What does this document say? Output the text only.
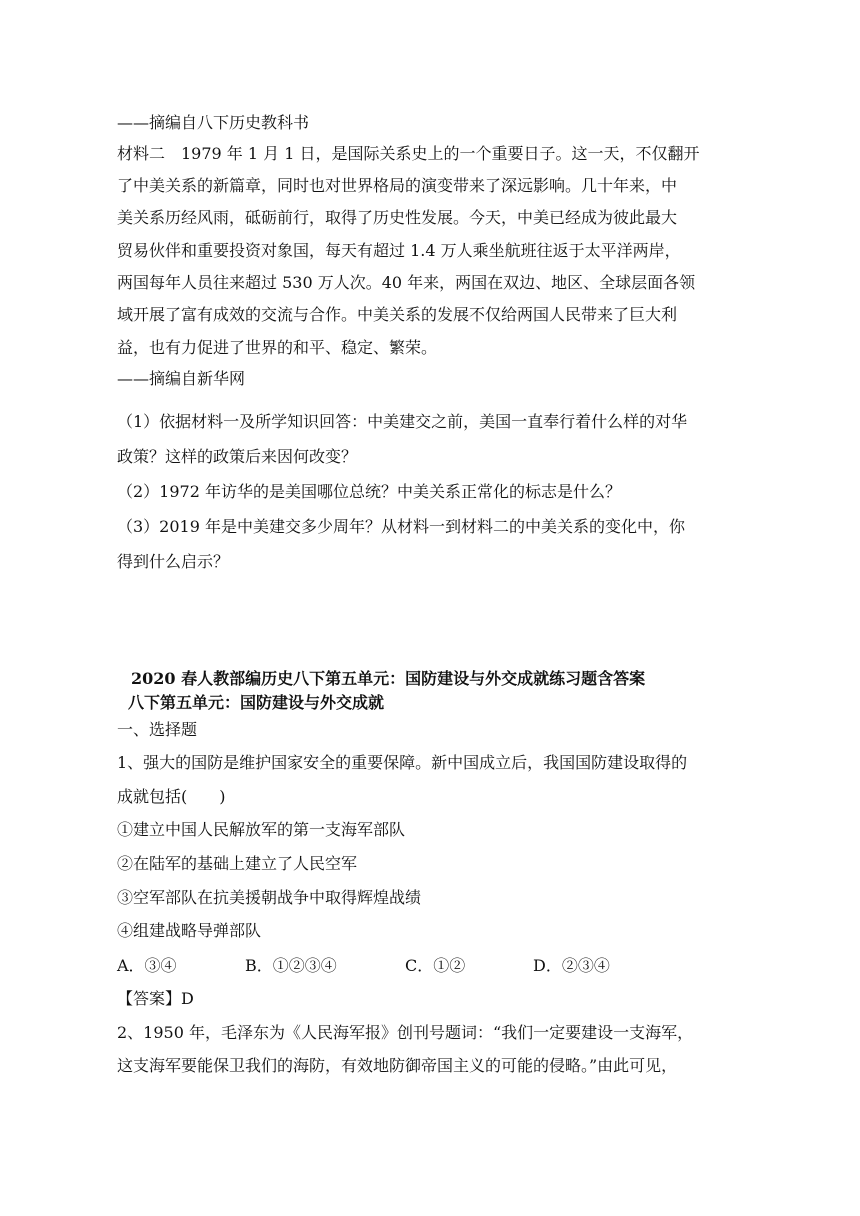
——摘编自八下历史教科书
材料二　1979 年 1 月 1 日，是国际关系史上的一个重要日子。这一天，不仅翻开
了中美关系的新篇章，同时也对世界格局的演变带来了深远影响。几十年来，中
美关系历经风雨，砥砺前行，取得了历史性发展。今天，中美已经成为彼此最大
贸易伙伴和重要投资对象国，每天有超过 1.4 万人乘坐航班往返于太平洋两岸，
两国每年人员往来超过 530 万人次。40 年来，两国在双边、地区、全球层面各领
域开展了富有成效的交流与合作。中美关系的发展不仅给两国人民带来了巨大利
益，也有力促进了世界的和平、稳定、繁荣。
——摘编自新华网
（1）依据材料一及所学知识回答：中美建交之前，美国一直奉行着什么样的对华
政策？这样的政策后来因何改变？
（2）1972 年访华的是美国哪位总统？中美关系正常化的标志是什么？
（3）2019 年是中美建交多少周年？从材料一到材料二的中美关系的变化中，你
得到什么启示？
2020 春人教部编历史八下第五单元：国防建设与外交成就练习题含答案
八下第五单元：国防建设与外交成就
一、选择题
1、强大的国防是维护国家安全的重要保障。新中国成立后，我国国防建设取得的
成就包括(　　)
①建立中国人民解放军的第一支海军部队
②在陆军的基础上建立了人民空军
③空军部队在抗美援朝战争中取得辉煌战绩
④组建战略导弹部队
A．③④	B．①②③④	C．①②	D．②③④
【答案】D
2、1950 年，毛泽东为《人民海军报》创刊号题词：“我们一定要建设一支海军，
这支海军要能保卫我们的海防，有效地防御帝国主义的可能的侵略。”由此可见，
